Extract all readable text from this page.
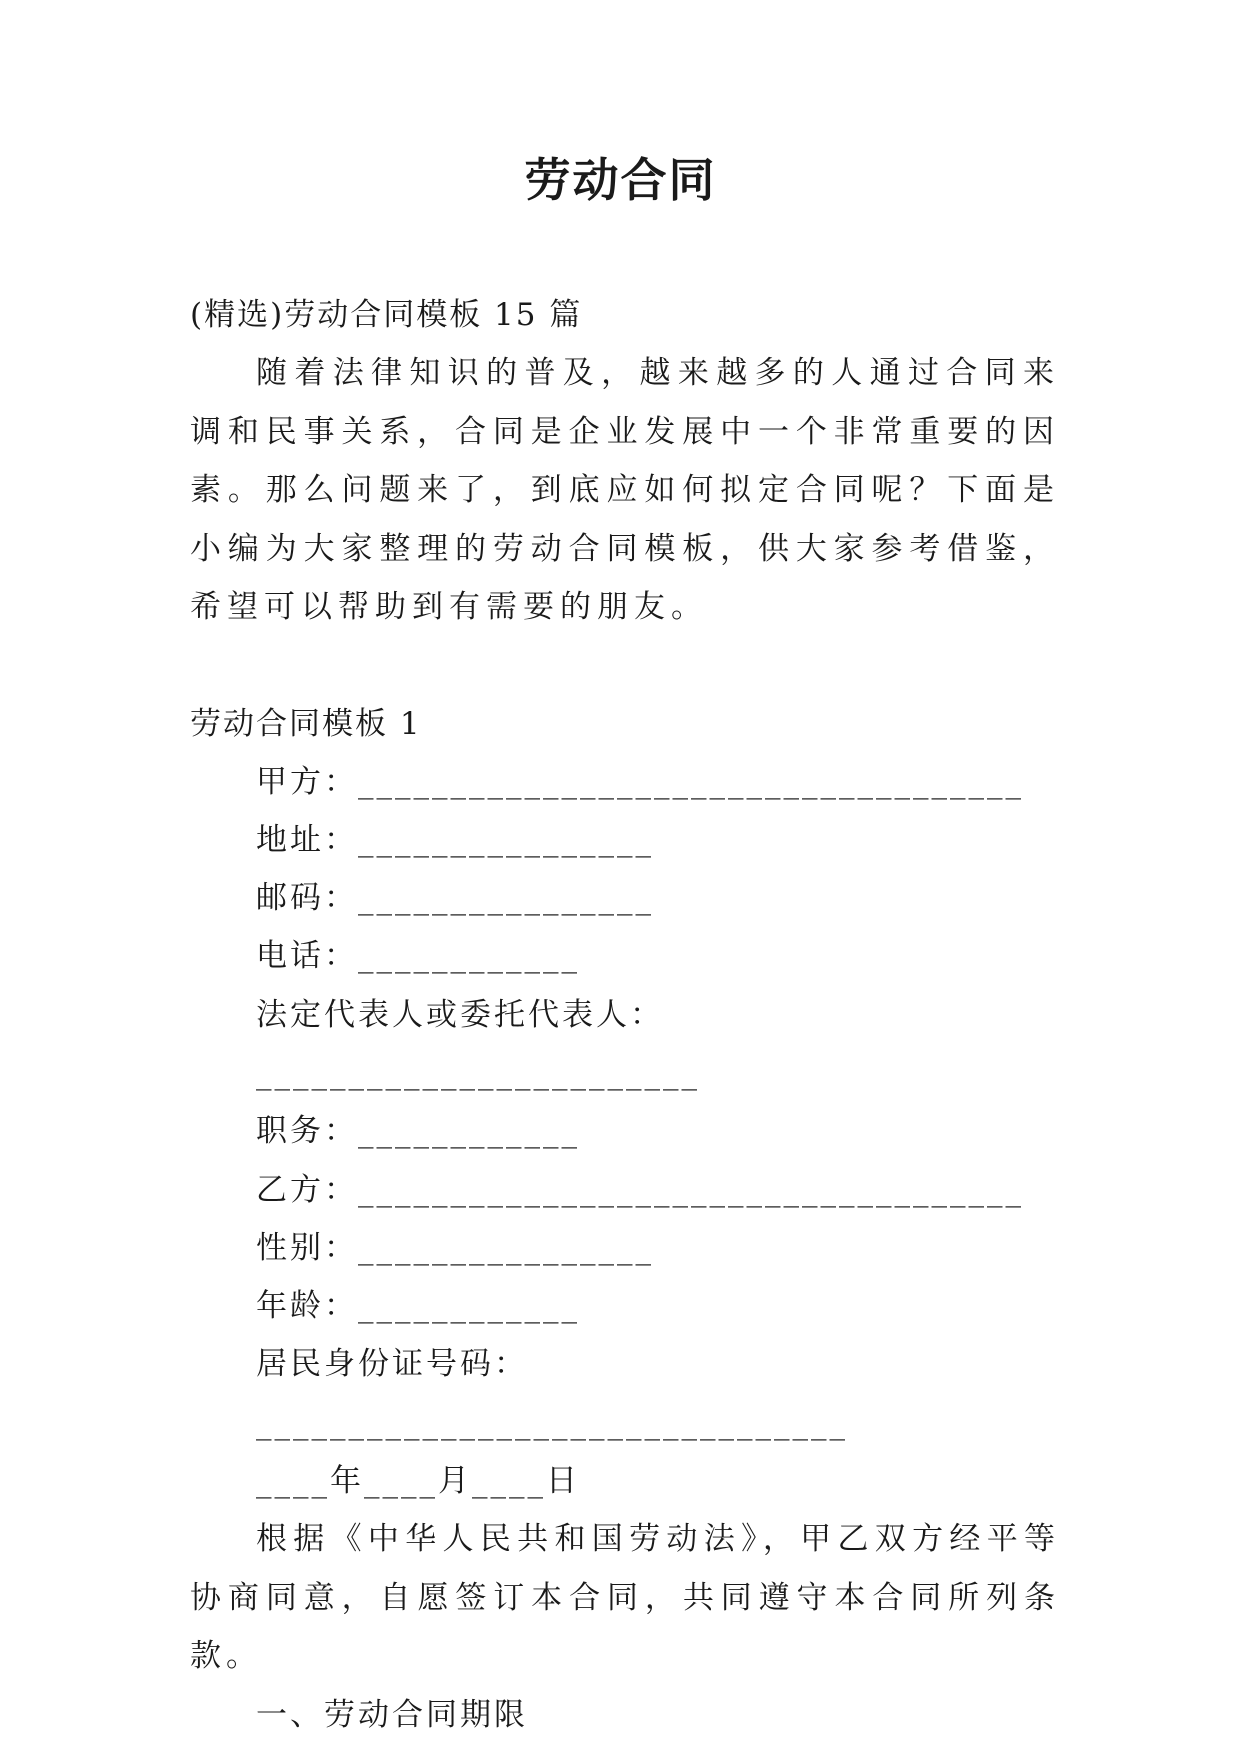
劳动合同
(精选)劳动合同模板 15 篇
随着法律知识的普及，越来越多的人通过合同来调和民事关系，合同是企业发展中一个非常重要的因素。那么问题来了，到底应如何拟定合同呢？下面是小编为大家整理的劳动合同模板，供大家参考借鉴，希望可以帮助到有需要的朋友。
劳动合同模板 1
甲方：____________________________________
地址：________________
邮码：________________
电话：____________
法定代表人或委托代表人：________________________
职务：____________
乙方：____________________________________
性别：________________
年龄：____________
居民身份证号码：________________________________
____年____月____日
根据《中华人民共和国劳动法》，甲乙双方经平等协商同意，自愿签订本合同，共同遵守本合同所列条款。
一、劳动合同期限
